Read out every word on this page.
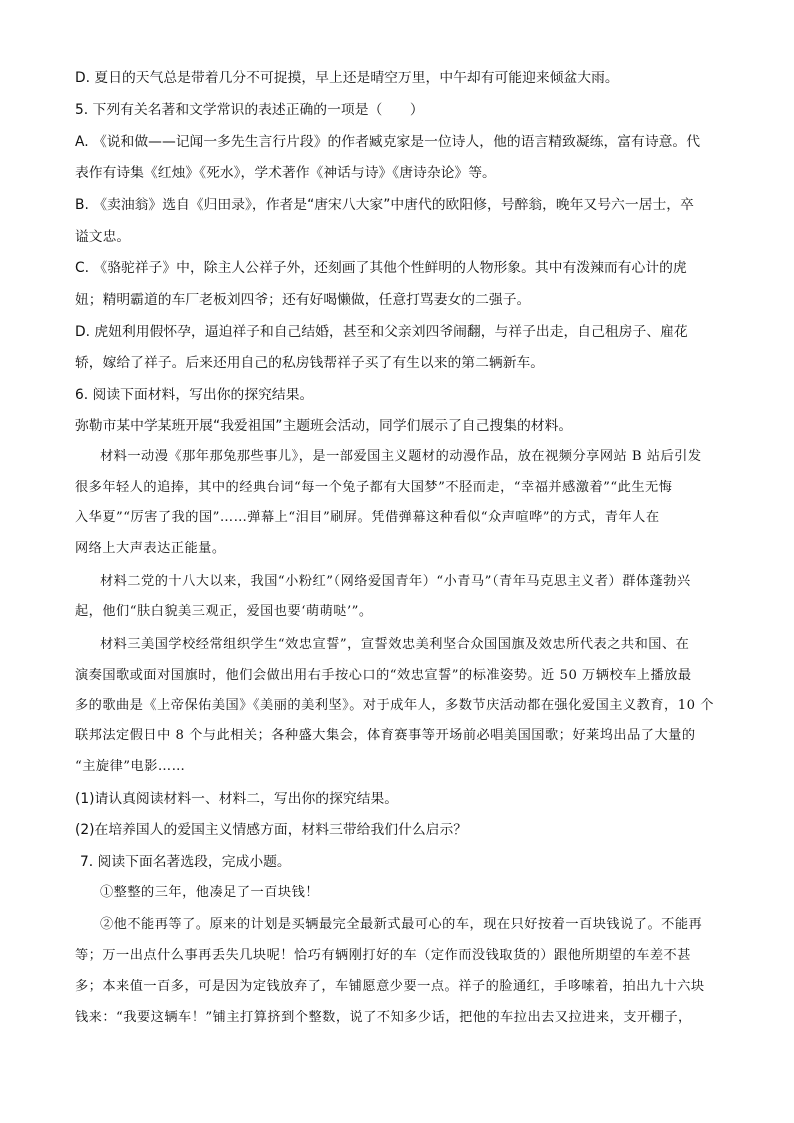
D. 夏日的天气总是带着几分不可捉摸，早上还是晴空万里，中午却有可能迎来倾盆大雨。
5. 下列有关名著和文学常识的表述正确的一项是（　　）
A. 《说和做——记闻一多先生言行片段》的作者臧克家是一位诗人，他的语言精致凝练，富有诗意。代
表作有诗集《红烛》《死水》，学术著作《神话与诗》《唐诗杂论》等。
B. 《卖油翁》选自《归田录》，作者是“唐宋八大家”中唐代的欧阳修，号醉翁，晚年又号六一居士，卒
谥文忠。
C. 《骆驼祥子》中，除主人公祥子外，还刻画了其他个性鲜明的人物形象。其中有泼辣而有心计的虎
妞；精明霸道的车厂老板刘四爷；还有好喝懒做，任意打骂妻女的二强子。
D. 虎妞利用假怀孕，逼迫祥子和自己结婚，甚至和父亲刘四爷闹翻，与祥子出走，自己租房子、雇花
轿，嫁给了祥子。后来还用自己的私房钱帮祥子买了有生以来的第二辆新车。
6. 阅读下面材料，写出你的探究结果。
弥勒市某中学某班开展“我爱祖国”主题班会活动，同学们展示了自己搜集的材料。
材料一动漫《那年那兔那些事儿》，是一部爱国主义题材的动漫作品，放在视频分享网站 B 站后引发
很多年轻人的追捧，其中的经典台词“每一个兔子都有大国梦”不胫而走，“幸福并感激着”“此生无悔
入华夏”“厉害了我的国”……弹幕上“泪目”刷屏。凭借弹幕这种看似“众声喧哗”的方式，青年人在
网络上大声表达正能量。
材料二党的十八大以来，我国“小粉红”（网络爱国青年）“小青马”（青年马克思主义者）群体蓬勃兴
起，他们“肤白貌美三观正，爱国也要‘萌萌哒’”。
材料三美国学校经常组织学生“效忠宣誓”，宣誓效忠美利坚合众国国旗及效忠所代表之共和国、在
演奏国歌或面对国旗时，他们会做出用右手按心口的“效忠宣誓”的标准姿势。近 50 万辆校车上播放最
多的歌曲是《上帝保佑美国》《美丽的美利坚》。对于成年人，多数节庆活动都在强化爱国主义教育，10 个
联邦法定假日中 8 个与此相关；各种盛大集会，体育赛事等开场前必唱美国国歌；好莱坞出品了大量的
“主旋律”电影……
(1)请认真阅读材料一、材料二，写出你的探究结果。
(2)在培养国人的爱国主义情感方面，材料三带给我们什么启示？
7. 阅读下面名著选段，完成小题。
①整整的三年，他凑足了一百块钱！
②他不能再等了。原来的计划是买辆最完全最新式最可心的车，现在只好按着一百块钱说了。不能再
等；万一出点什么事再丢失几块呢！恰巧有辆刚打好的车（定作而没钱取货的）跟他所期望的车差不甚
多；本来值一百多，可是因为定钱放弃了，车铺愿意少要一点。祥子的脸通红，手哆嗦着，拍出九十六块
钱来：“我要这辆车！”铺主打算挤到个整数，说了不知多少话，把他的车拉出去又拉进来，支开棚子，
